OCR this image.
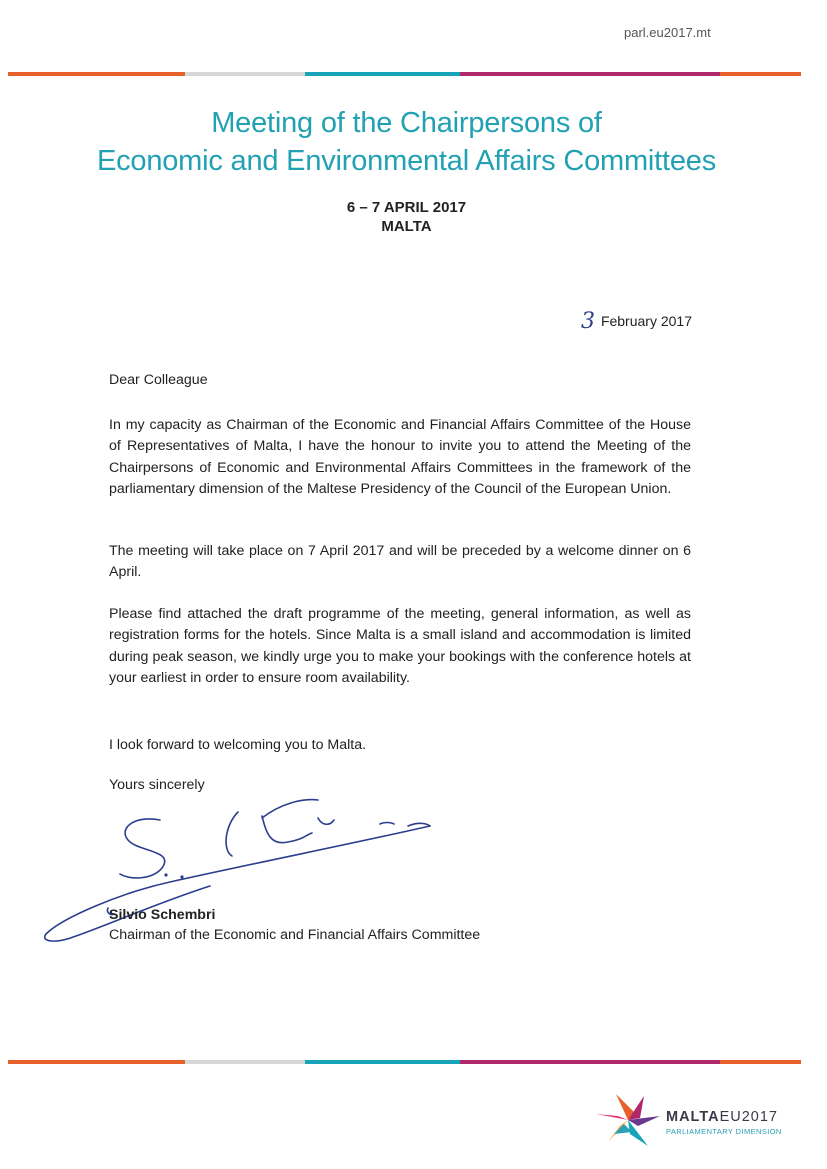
parl.eu2017.mt
Meeting of the Chairpersons of
Economic and Environmental Affairs Committees
6 – 7 APRIL 2017
MALTA
3 February 2017
Dear Colleague
In my capacity as Chairman of the Economic and Financial Affairs Committee of the House of Representatives of Malta, I have the honour to invite you to attend the Meeting of the Chairpersons of Economic and Environmental Affairs Committees in the framework of the parliamentary dimension of the Maltese Presidency of the Council of the European Union.
The meeting will take place on 7 April 2017 and will be preceded by a welcome dinner on 6 April.
Please find attached the draft programme of the meeting, general information, as well as registration forms for the hotels. Since Malta is a small island and accommodation is limited during peak season, we kindly urge you to make your bookings with the conference hotels at your earliest in order to ensure room availability.
I look forward to welcoming you to Malta.
Yours sincerely
Silvio Schembri
Chairman of the Economic and Financial Affairs Committee
MALTAEU2017
PARLIAMENTARY DIMENSION
